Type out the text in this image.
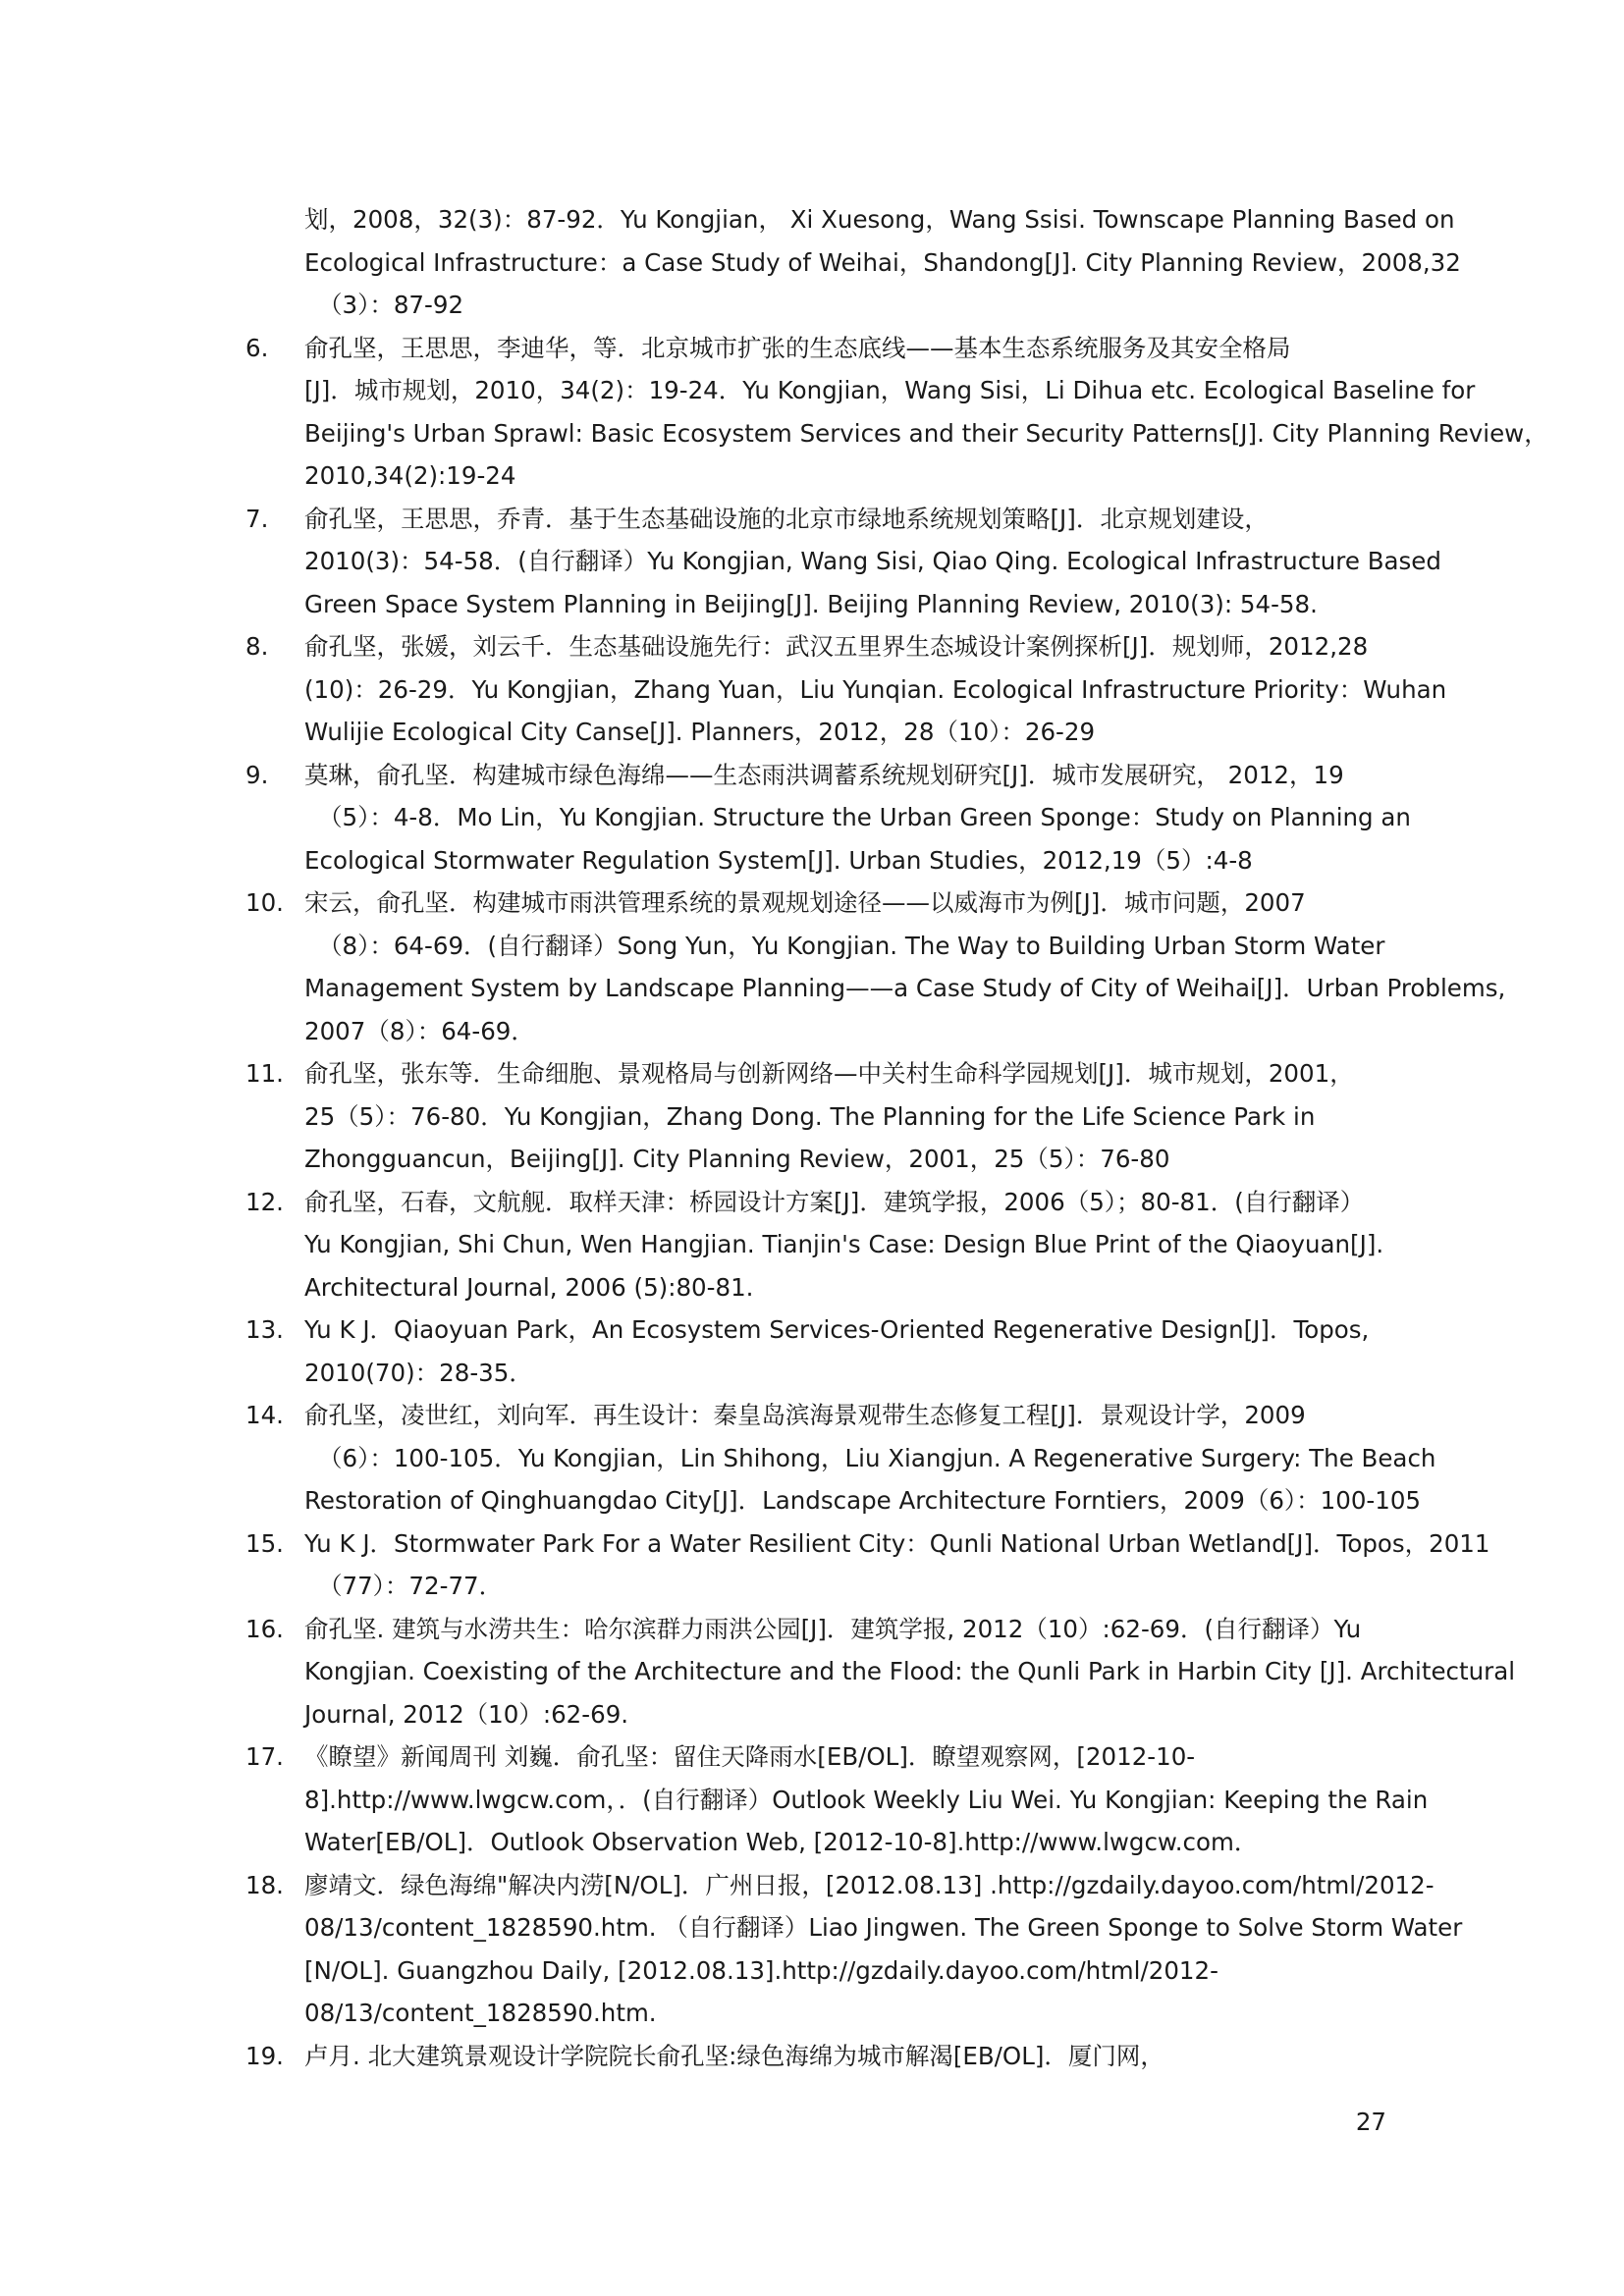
划，2008，32(3)：87-92．Yu Kongjian， Xi Xuesong，Wang Ssisi. Townscape Planning Based on
Ecological Infrastructure：a Case Study of Weihai，Shandong[J]. City Planning Review，2008,32
（3）：87-92
6. 俞孔坚，王思思，李迪华，等．北京城市扩张的生态底线——基本生态系统服务及其安全格局
[J]．城市规划，2010，34(2)：19-24．Yu Kongjian，Wang Sisi，Li Dihua etc. Ecological Baseline for
Beijing's Urban Sprawl: Basic Ecosystem Services and their Security Patterns[J]. City Planning Review，
2010,34(2):19-24
7. 俞孔坚，王思思，乔青．基于生态基础设施的北京市绿地系统规划策略[J]．北京规划建设，
2010(3)：54-58．(自行翻译）Yu Kongjian, Wang Sisi, Qiao Qing. Ecological Infrastructure Based
Green Space System Planning in Beijing[J]. Beijing Planning Review, 2010(3): 54-58.
8. 俞孔坚，张媛，刘云千．生态基础设施先行：武汉五里界生态城设计案例探析[J]．规划师，2012,28
(10)：26-29．Yu Kongjian，Zhang Yuan，Liu Yunqian. Ecological Infrastructure Priority：Wuhan
Wulijie Ecological City Canse[J]. Planners，2012，28（10）：26-29
9. 莫琳，俞孔坚．构建城市绿色海绵——生态雨洪调蓄系统规划研究[J]．城市发展研究， 2012，19
（5）：4-8．Mo Lin，Yu Kongjian. Structure the Urban Green Sponge：Study on Planning an
Ecological Stormwater Regulation System[J]. Urban Studies，2012,19（5）:4-8
10. 宋云，俞孔坚．构建城市雨洪管理系统的景观规划途径——以威海市为例[J]．城市问题，2007
（8）：64-69．(自行翻译）Song Yun，Yu Kongjian. The Way to Building Urban Storm Water
Management System by Landscape Planning——a Case Study of City of Weihai[J]．Urban Problems,
2007（8）：64-69．
11. 俞孔坚，张东等．生命细胞、景观格局与创新网络—中关村生命科学园规划[J]．城市规划，2001，
25（5）：76-80．Yu Kongjian，Zhang Dong. The Planning for the Life Science Park in
Zhongguancun，Beijing[J]. City Planning Review，2001，25（5）：76-80
12. 俞孔坚，石春，文航舰．取样天津：桥园设计方案[J]．建筑学报，2006（5）；80-81．(自行翻译）
Yu Kongjian, Shi Chun, Wen Hangjian. Tianjin's Case: Design Blue Print of the Qiaoyuan[J].
Architectural Journal, 2006 (5):80-81.
13. Yu K J．Qiaoyuan Park，An Ecosystem Services-Oriented Regenerative Design[J]．Topos,
2010(70)：28-35．
14. 俞孔坚，凌世红，刘向军．再生设计：秦皇岛滨海景观带生态修复工程[J]．景观设计学，2009
（6）：100-105．Yu Kongjian，Lin Shihong，Liu Xiangjun. A Regenerative Surgery: The Beach
Restoration of Qinghuangdao City[J]．Landscape Architecture Forntiers，2009（6）：100-105
15. Yu K J．Stormwater Park For a Water Resilient City：Qunli National Urban Wetland[J]．Topos，2011
（77）：72-77．
16. 俞孔坚. 建筑与水涝共生：哈尔滨群力雨洪公园[J]．建筑学报, 2012（10）:62-69．(自行翻译）Yu
Kongjian. Coexisting of the Architecture and the Flood: the Qunli Park in Harbin City [J]. Architectural
Journal, 2012（10）:62-69.
17. 《瞭望》新闻周刊 刘巍．俞孔坚：留住天降雨水[EB/OL]．瞭望观察网，[2012-10-
8].http://www.lwgcw.com，．(自行翻译）Outlook Weekly Liu Wei. Yu Kongjian: Keeping the Rain
Water[EB/OL]．Outlook Observation Web, [2012-10-8].http://www.lwgcw.com．
18. 廖靖文．绿色海绵"解决内涝[N/OL]．广州日报，[2012.08.13] .http://gzdaily.dayoo.com/html/2012-
08/13/content_1828590.htm. （自行翻译）Liao Jingwen. The Green Sponge to Solve Storm Water
[N/OL]. Guangzhou Daily, [2012.08.13].http://gzdaily.dayoo.com/html/2012-
08/13/content_1828590.htm.
19. 卢月. 北大建筑景观设计学院院长俞孔坚:绿色海绵为城市解渴[EB/OL]．厦门网，
27
